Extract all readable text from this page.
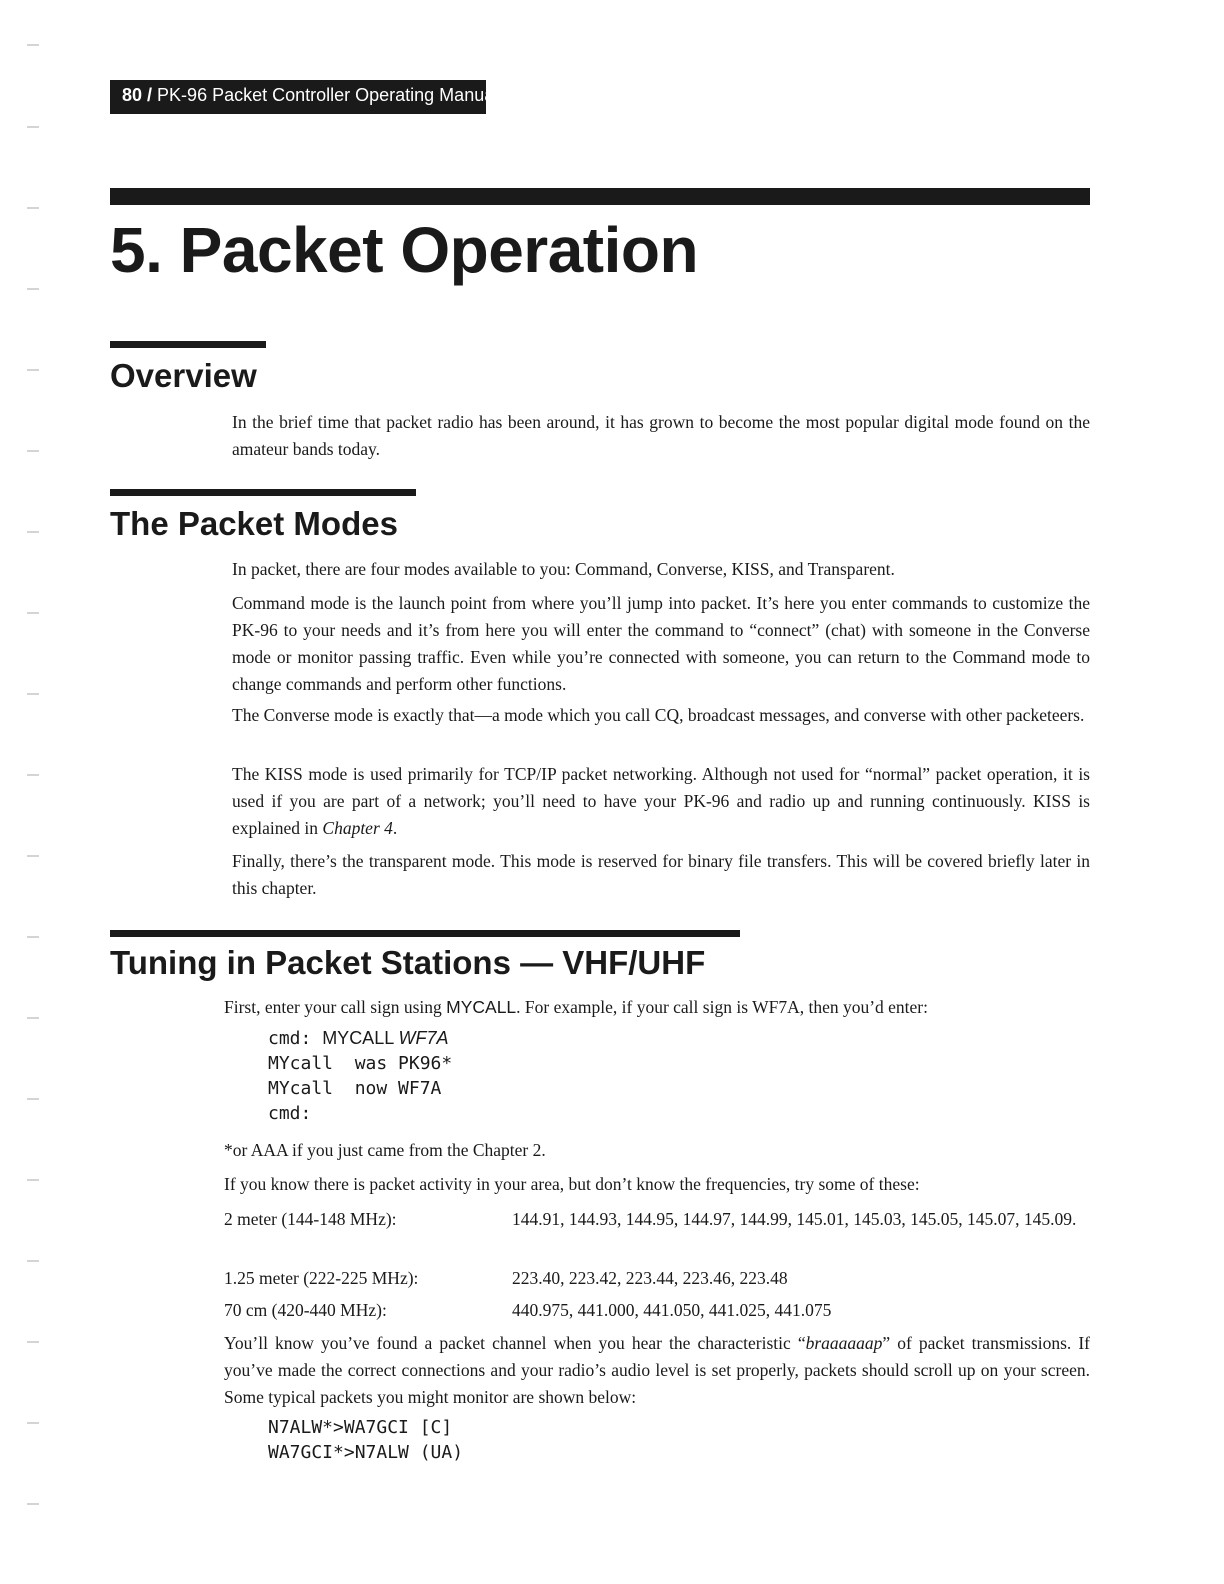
80 / PK-96 Packet Controller Operating Manual
5. Packet Operation
Overview

In the brief time that packet radio has been around, it has grown to become the most popular digital mode found on the amateur bands today.

The Packet Modes

In packet, there are four modes available to you: Command, Converse, KISS, and Transparent.

Command mode is the launch point from where you’ll jump into packet. It’s here you enter commands to customize the PK-96 to your needs and it’s from here you will enter the command to “connect” (chat) with someone in the Converse mode or monitor passing traffic. Even while you’re connected with someone, you can return to the Command mode to change commands and perform other functions.

The Converse mode is exactly that—a mode which you call CQ, broadcast messages, and converse with other packeteers.

The KISS mode is used primarily for TCP/IP packet networking. Although not used for “normal” packet operation, it is used if you are part of a network; you’ll need to have your PK-96 and radio up and running continuously. KISS is explained in Chapter 4.

Finally, there’s the transparent mode. This mode is reserved for binary file transfers. This will be covered briefly later in this chapter.

Tuning in Packet Stations — VHF/UHF

First, enter your call sign using MYCALL. For example, if your call sign is WF7A, then you’d enter:

cmd: MYCALL WF7A
MYcall  was PK96*
MYcall  now WF7A
cmd:

*or AAA if you just came from the Chapter 2.

If you know there is packet activity in your area, but don’t know the frequencies, try some of these:

2 meter (144-148 MHz):	144.91, 144.93, 144.95, 144.97, 144.99, 145.01, 145.03, 145.05, 145.07, 145.09.
1.25 meter (222-225 MHz):	223.40, 223.42, 223.44, 223.46, 223.48
70 cm (420-440 MHz):	440.975, 441.000, 441.050, 441.025, 441.075

You’ll know you’ve found a packet channel when you hear the characteristic “braaaaaap” of packet transmissions. If you’ve made the correct connections and your radio’s audio level is set properly, packets should scroll up on your screen. Some typical packets you might monitor are shown below:

N7ALW*>WA7GCI [C]
WA7GCI*>N7ALW (UA)
